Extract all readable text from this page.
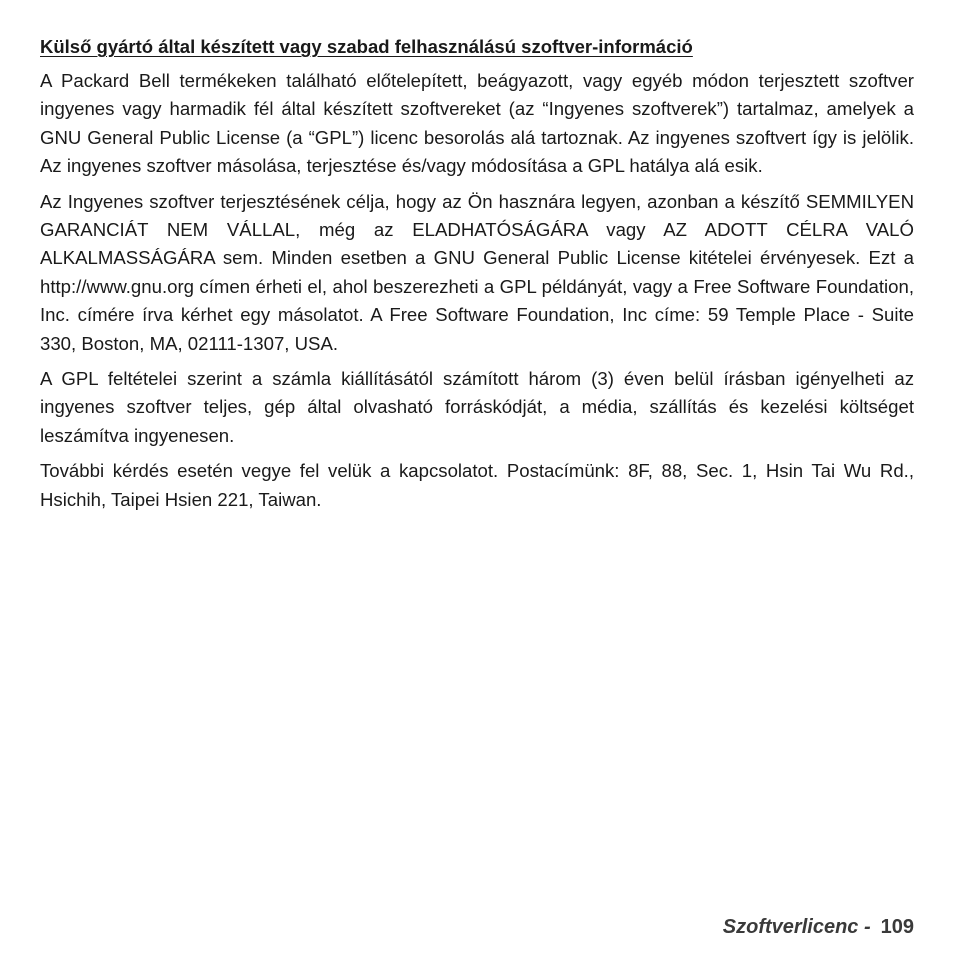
Külső gyártó által készített vagy szabad felhasználású szoftver-információ

A Packard Bell termékeken található előtelepített, beágyazott, vagy egyéb módon terjesztett szoftver ingyenes vagy harmadik fél által készített szoftvereket (az “Ingyenes szoftverek”) tartalmaz, amelyek a GNU General Public License (a “GPL”) licenc besorolás alá tartoznak. Az ingyenes szoftvert így is jelölik. Az ingyenes szoftver másolása, terjesztése és/vagy módosítása a GPL hatálya alá esik.

Az Ingyenes szoftver terjesztésének célja, hogy az Ön hasznára legyen, azonban a készítő SEMMILYEN GARANCIÁT NEM VÁLLAL, még az ELADHATÓSÁGÁRA vagy AZ ADOTT CÉLRA VALÓ ALKALMASSÁGÁRA sem. Minden esetben a GNU General Public License kitételei érvényesek. Ezt a http://www.gnu.org címen érheti el, ahol beszerezheti a GPL példányát, vagy a Free Software Foundation, Inc. címére írva kérhet egy másolatot. A Free Software Foundation, Inc címe: 59 Temple Place - Suite 330, Boston, MA, 02111-1307, USA.

A GPL feltételei szerint a számla kiállításától számított három (3) éven belül írásban igényelheti az ingyenes szoftver teljes, gép által olvasható forráskódját, a média, szállítás és kezelési költséget leszámítva ingyenesen.

További kérdés esetén vegye fel velük a kapcsolatot. Postacímünk: 8F, 88, Sec. 1, Hsin Tai Wu Rd., Hsichih, Taipei Hsien 221, Taiwan.

Szoftverlicenc - 109
